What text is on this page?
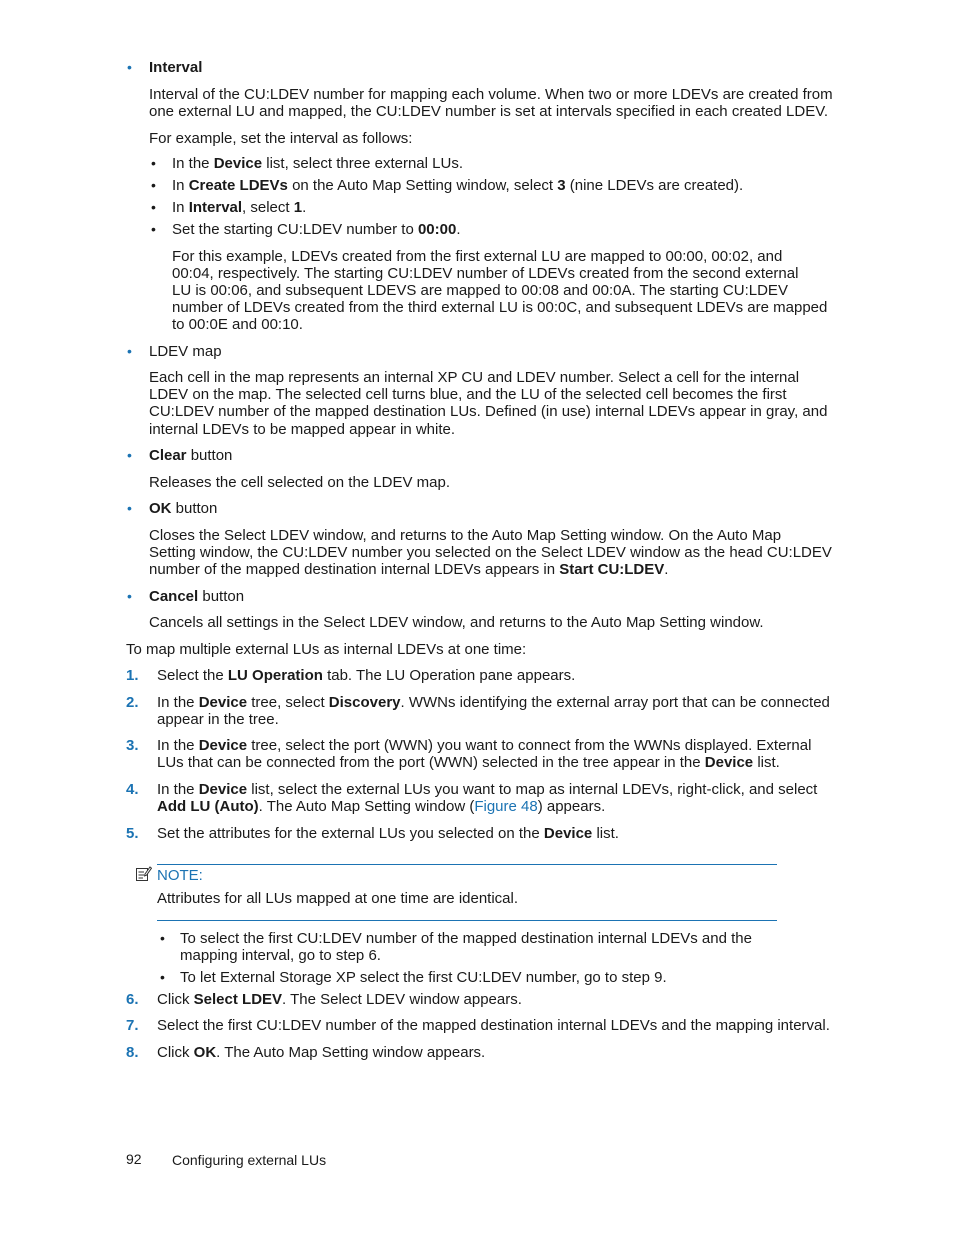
• Interval
Interval of the CU:LDEV number for mapping each volume. When two or more LDEVs are created from
one external LU and mapped, the CU:LDEV number is set at intervals specified in each created LDEV.
For example, set the interval as follows:
• In the Device list, select three external LUs.
• In Create LDEVs on the Auto Map Setting window, select 3 (nine LDEVs are created).
• In Interval, select 1.
• Set the starting CU:LDEV number to 00:00.
For this example, LDEVs created from the first external LU are mapped to 00:00, 00:02, and
00:04, respectively. The starting CU:LDEV number of LDEVs created from the second external
LU is 00:06, and subsequent LDEVS are mapped to 00:08 and 00:0A. The starting CU:LDEV
number of LDEVs created from the third external LU is 00:0C, and subsequent LDEVs are mapped
to 00:0E and 00:10.
• LDEV map
Each cell in the map represents an internal XP CU and LDEV number. Select a cell for the internal
LDEV on the map. The selected cell turns blue, and the LU of the selected cell becomes the first
CU:LDEV number of the mapped destination LUs. Defined (in use) internal LDEVs appear in gray, and
internal LDEVs to be mapped appear in white.
• Clear button
Releases the cell selected on the LDEV map.
• OK button
Closes the Select LDEV window, and returns to the Auto Map Setting window. On the Auto Map
Setting window, the CU:LDEV number you selected on the Select LDEV window as the head CU:LDEV
number of the mapped destination internal LDEVs appears in Start CU:LDEV.
• Cancel button
Cancels all settings in the Select LDEV window, and returns to the Auto Map Setting window.
To map multiple external LUs as internal LDEVs at one time:
1. Select the LU Operation tab. The LU Operation pane appears.
2. In the Device tree, select Discovery. WWNs identifying the external array port that can be connected
appear in the tree.
3. In the Device tree, select the port (WWN) you want to connect from the WWNs displayed. External
LUs that can be connected from the port (WWN) selected in the tree appear in the Device list.
4. In the Device list, select the external LUs you want to map as internal LDEVs, right-click, and select
Add LU (Auto). The Auto Map Setting window (Figure 48) appears.
5. Set the attributes for the external LUs you selected on the Device list.
NOTE:
Attributes for all LUs mapped at one time are identical.
• To select the first CU:LDEV number of the mapped destination internal LDEVs and the
mapping interval, go to step 6.
• To let External Storage XP select the first CU:LDEV number, go to step 9.
6. Click Select LDEV. The Select LDEV window appears.
7. Select the first CU:LDEV number of the mapped destination internal LDEVs and the mapping interval.
8. Click OK. The Auto Map Setting window appears.
92 Configuring external LUs
